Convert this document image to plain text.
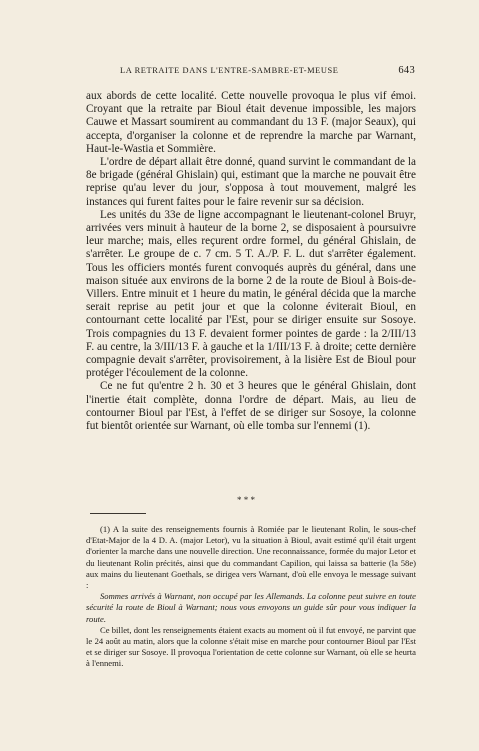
LA RETRAITE DANS L'ENTRE-SAMBRE-ET-MEUSE	643

aux abords de cette localité. Cette nouvelle provoqua le plus vif émoi. Croyant que la retraite par Bioul était devenue impossible, les majors Cauwe et Massart soumirent au commandant du 13 F. (major Seaux), qui accepta, d'organiser la colonne et de reprendre la marche par Warnant, Haut-le-Wastia et Sommière.

L'ordre de départ allait être donné, quand survint le commandant de la 8e brigade (général Ghislain) qui, estimant que la marche ne pouvait être reprise qu'au lever du jour, s'opposa à tout mouvement, malgré les instances qui furent faites pour le faire revenir sur sa décision.

Les unités du 33e de ligne accompagnant le lieutenant-colonel Bruyr, arrivées vers minuit à hauteur de la borne 2, se disposaient à poursuivre leur marche; mais, elles reçurent ordre formel, du général Ghislain, de s'arrêter. Le groupe de c. 7 cm. 5 T. A./P. F. L. dut s'arrêter également. Tous les officiers montés furent convoqués auprès du général, dans une maison située aux environs de la borne 2 de la route de Bioul à Bois-de-Villers. Entre minuit et 1 heure du matin, le général décida que la marche serait reprise au petit jour et que la colonne éviterait Bioul, en contournant cette localité par l'Est, pour se diriger ensuite sur Sosoye. Trois compagnies du 13 F. devaient former pointes de garde : la 2/III/13 F. au centre, la 3/III/13 F. à gauche et la 1/III/13 F. à droite; cette dernière compagnie devait s'arrêter, provisoirement, à la lisière Est de Bioul pour protéger l'écoulement de la colonne.

Ce ne fut qu'entre 2 h. 30 et 3 heures que le général Ghislain, dont l'inertie était complète, donna l'ordre de départ. Mais, au lieu de contourner Bioul par l'Est, à l'effet de se diriger sur Sosoye, la colonne fut bientôt orientée sur Warnant, où elle tomba sur l'ennemi (1).

* * *

(1) A la suite des renseignements fournis à Romiée par le lieutenant Rolin, le sous-chef d'Etat-Major de la 4 D. A. (major Letor), vu la situation à Bioul, avait estimé qu'il était urgent d'orienter la marche dans une nouvelle direction. Une reconnaissance, formée du major Letor et du lieutenant Rolin précités, ainsi que du commandant Capilion, qui laissa sa batterie (la 58e) aux mains du lieutenant Goethals, se dirigea vers Warnant, d'où elle envoya le message suivant :

Sommes arrivés à Warnant, non occupé par les Allemands. La colonne peut suivre en toute sécurité la route de Bioul à Warnant; nous vous envoyons un guide sûr pour vous indiquer la route.

Ce billet, dont les renseignements étaient exacts au moment où il fut envoyé, ne parvint que le 24 août au matin, alors que la colonne s'était mise en marche pour contourner Bioul par l'Est et se diriger sur Sosoye. Il provoqua l'orientation de cette colonne sur Warnant, où elle se heurta à l'ennemi.
